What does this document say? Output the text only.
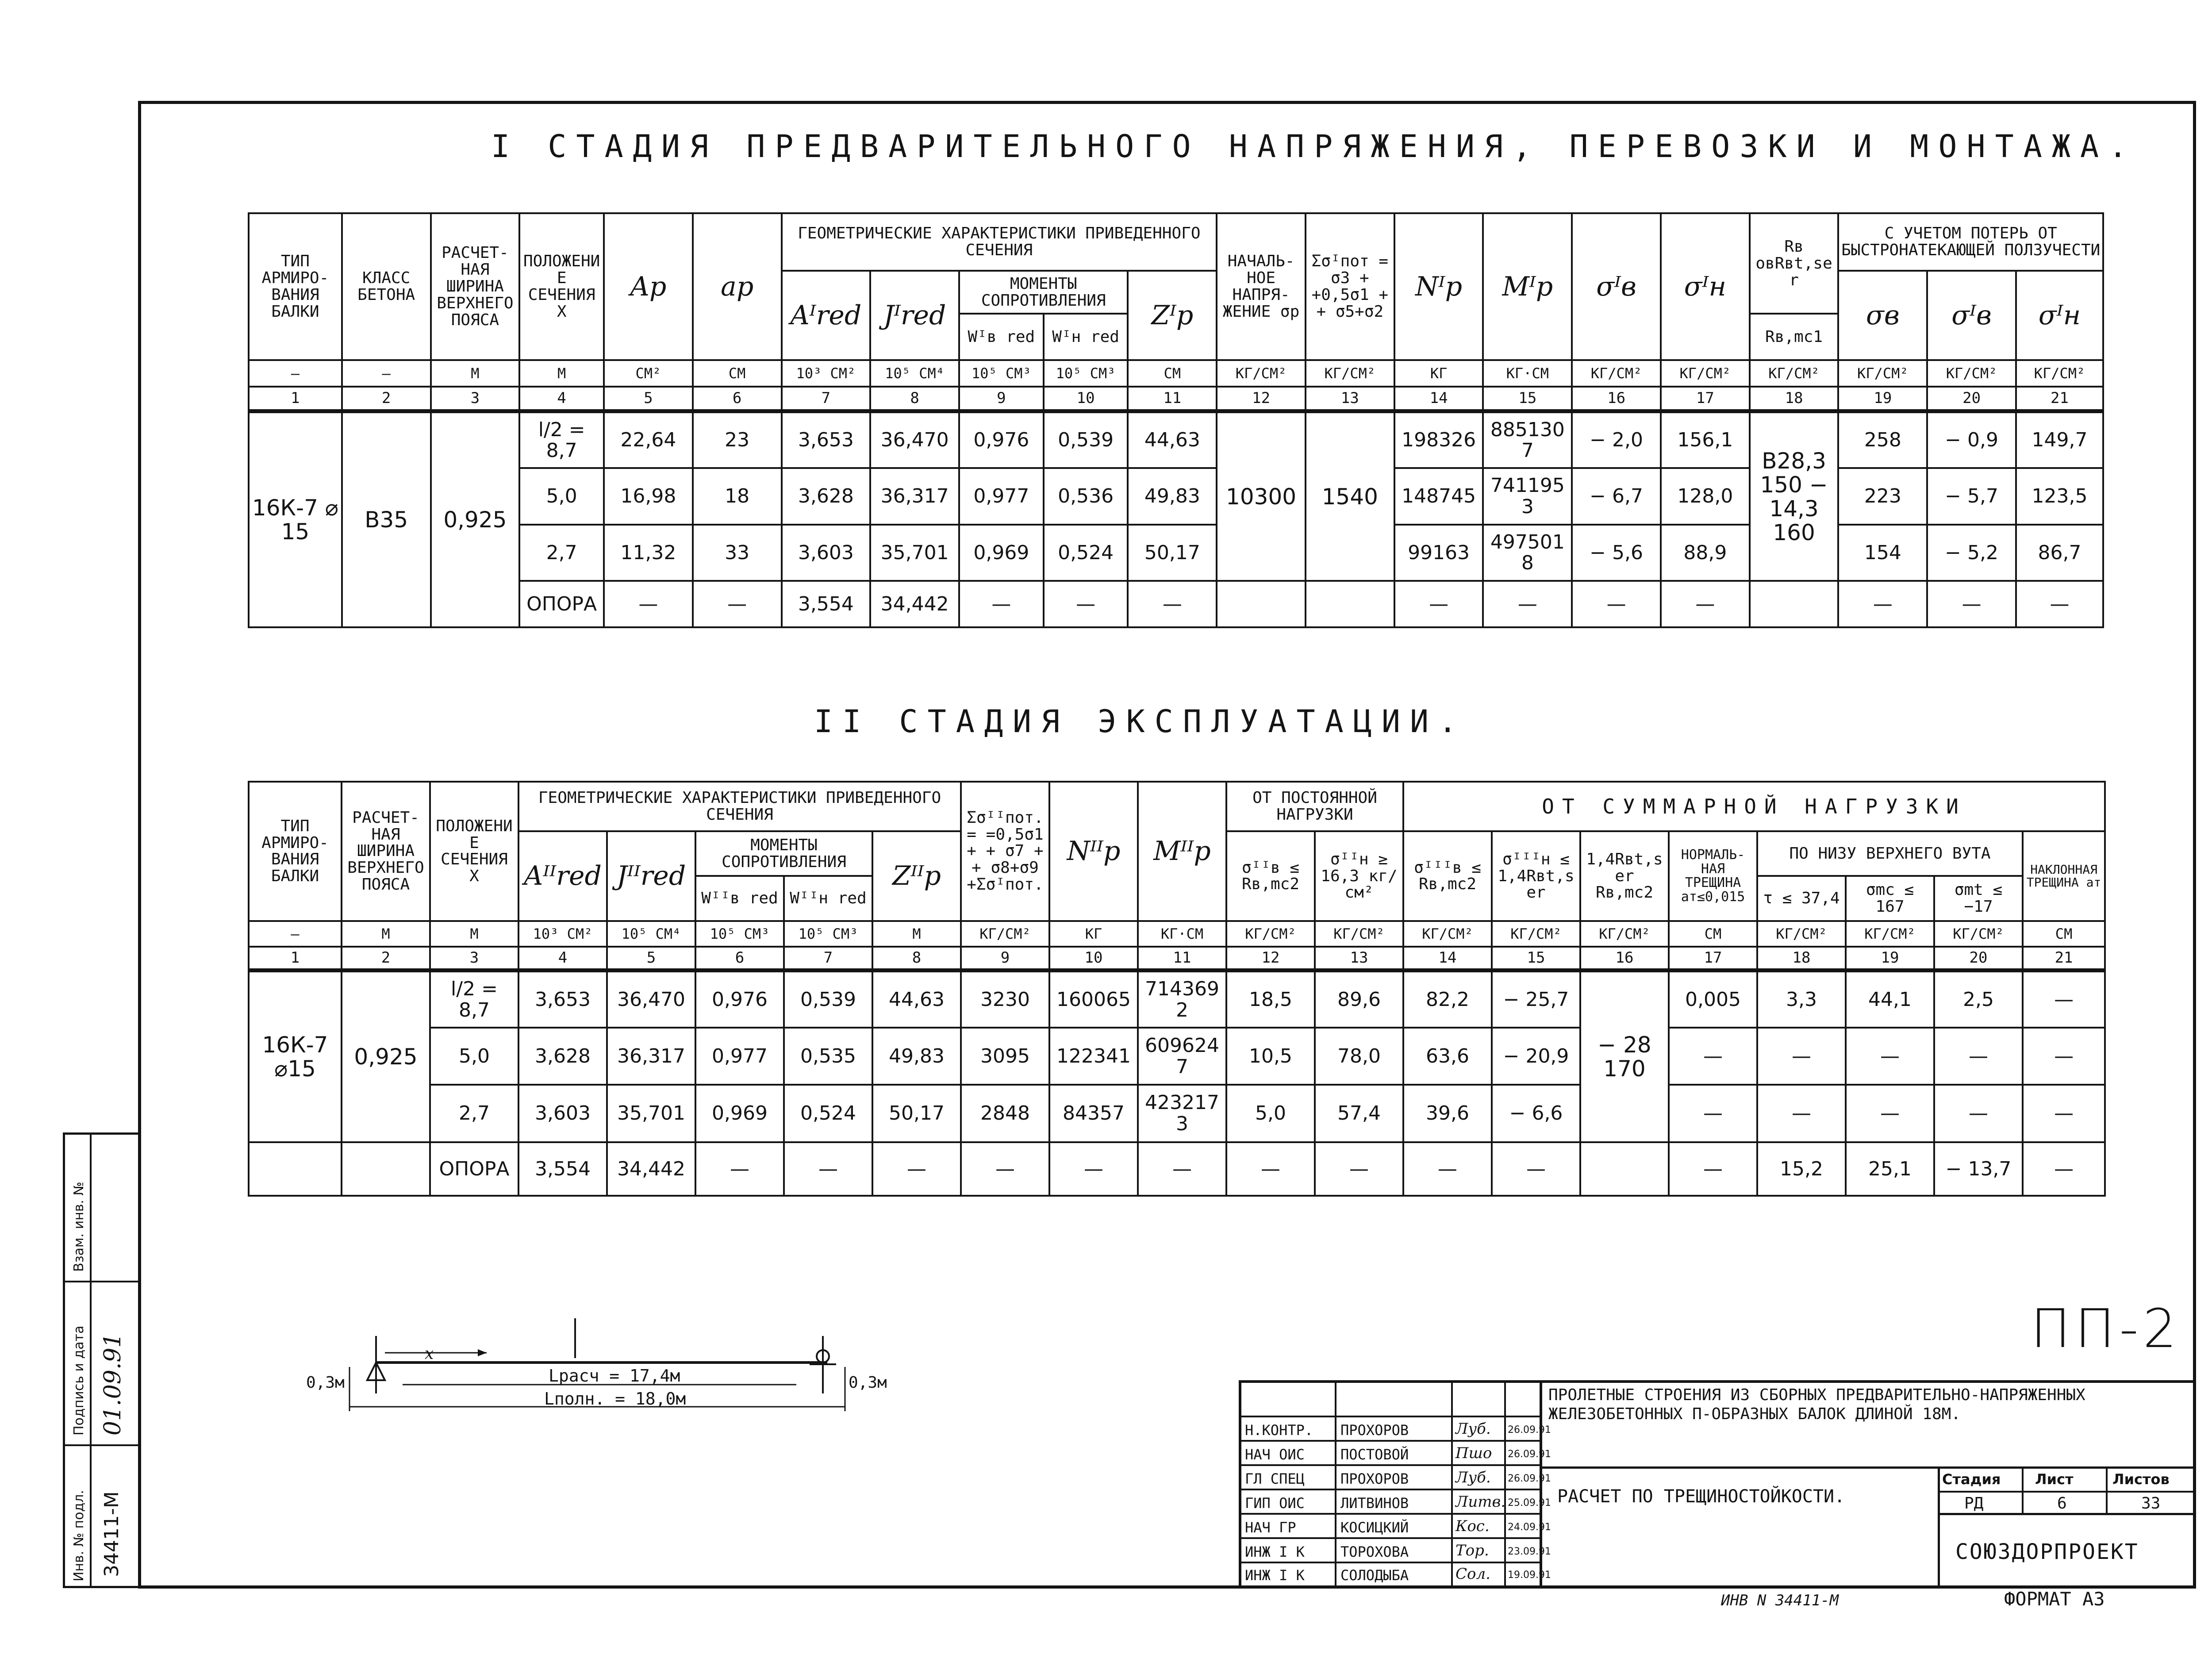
I СТАДИЯ ПРЕДВАРИТЕЛЬНОГО НАПРЯЖЕНИЯ, ПЕРЕВОЗКИ И МОНТАЖА.
ТИП АРМИРО-ВАНИЯ БАЛКИ	КЛАСС БЕТОНА	РАСЧЕТ-НАЯ ШИРИНА ВЕРХНЕГО ПОЯСА	ПОЛОЖЕНИЕ СЕЧЕНИЯ Х	Aр	aр	ГЕОМЕТРИЧЕСКИЕ ХАРАКТЕРИСТИКИ ПРИВЕДЕННОГО СЕЧЕНИЯ					НАЧАЛЬ-НОЕ НАПРЯ-ЖЕНИЕ σр	Σσᴵпот = σ3 + +0,5σ1 + + σ5+σ2	Nᴵр	Mᴵр	σᴵв	σᴵн	Rв oвRвt,ser	С УЧЕТОМ ПОТЕРЬ ОТ БЫСТРОНАТЕКАЮЩЕЙ ПОЛЗУЧЕСТИ		
						Aᴵred	Jᴵred	МОМЕНТЫ СОПРОТИВЛЕНИЯ		Zᴵр								σв	σᴵв	σᴵн
								Wᴵв red	Wᴵн red								Rв,mc1			
—	—	М	М	СМ²	СМ	10³ СМ²	10⁵ СМ⁴	10⁵ СМ³	10⁵ СМ³	СМ	КГ/СМ²	КГ/СМ²	КГ	КГ·СМ	КГ/СМ²	КГ/СМ²	КГ/СМ²	КГ/СМ²	КГ/СМ²	КГ/СМ²
1	2	3	4	5	6	7	8	9	10	11	12	13	14	15	16	17	18	19	20	21
16К-7 ⌀ 15	В35	0,925	l/2 = 8,7	22,64	23	3,653	36,470	0,976	0,539	44,63	10300	1540	198326	8851307	− 2,0	156,1	В28,3 150 − 14,3 160	258	− 0,9	149,7
			5,0	16,98	18	3,628	36,317	0,977	0,536	49,83			148745	7411953	− 6,7	128,0		223	− 5,7	123,5
			2,7	11,32	33	3,603	35,701	0,969	0,524	50,17			99163	4975018	− 5,6	88,9		154	− 5,2	86,7
			ОПОРА	—	—	3,554	34,442	—	—	—			—	—	—	—		—	—	—
II СТАДИЯ ЭКСПЛУАТАЦИИ.
ТИП АРМИРО-ВАНИЯ БАЛКИ	РАСЧЕТ-НАЯ ШИРИНА ВЕРХНЕГО ПОЯСА	ПОЛОЖЕНИЕ СЕЧЕНИЯ Х	ГЕОМЕТРИЧЕСКИЕ ХАРАКТЕРИСТИКИ ПРИВЕДЕННОГО СЕЧЕНИЯ					Σσᴵᴵпот. = =0,5σ1 + + σ7 + + σ8+σ9 +Σσᴵпот.	Nᴵᴵр	Mᴵᴵр	ОТ ПОСТОЯННОЙ НАГРУЗКИ		ОТ СУММАРНОЙ НАГРУЗКИ							
			Aᴵᴵred	Jᴵᴵred	МОМЕНТЫ СОПРОТИВЛЕНИЯ		Zᴵᴵр				σᴵᴵв ≤ Rв,mc2	σᴵᴵн ≥ 16,3 кг/см²	σᴵᴵᴵв ≤ Rв,mc2	σᴵᴵᴵн ≤ 1,4Rвt,ser	1,4Rвt,ser Rв,mc2	НОРМАЛЬ-НАЯ ТРЕЩИНА aт≤0,015	ПО НИЗУ ВЕРХНЕГО ВУТА			НАКЛОННАЯ ТРЕЩИНА aт
					Wᴵᴵв red	Wᴵᴵн red											τ ≤ 37,4	σmc ≤ 167	σmt ≤ −17	
—	М	М	10³ СМ²	10⁵ СМ⁴	10⁵ СМ³	10⁵ СМ³	М	КГ/СМ²	КГ	КГ·СМ	КГ/СМ²	КГ/СМ²	КГ/СМ²	КГ/СМ²	КГ/СМ²	СМ	КГ/СМ²	КГ/СМ²	КГ/СМ²	СМ
1	2	3	4	5	6	7	8	9	10	11	12	13	14	15	16	17	18	19	20	21
16К-7 ⌀15	0,925	l/2 = 8,7	3,653	36,470	0,976	0,539	44,63	3230	160065	7143692	18,5	89,6	82,2	− 25,7	− 28 170	0,005	3,3	44,1	2,5	—
		5,0	3,628	36,317	0,977	0,535	49,83	3095	122341	6096247	10,5	78,0	63,6	− 20,9		—	—	—	—	—
		2,7	3,603	35,701	0,969	0,524	50,17	2848	84357	4232173	5,0	57,4	39,6	− 6,6		—	—	—	—	—
		ОПОРА	3,554	34,442	—	—	—	—	—	—	—	—	—	—		—	15,2	25,1	− 13,7	—
0,3м	0,3м
x
Lрасч = 17,4м
Lполн. = 18,0м
ПП-2
ПРОЛЕТНЫЕ СТРОЕНИЯ ИЗ СБОРНЫХ ПРЕДВАРИТЕЛЬНО-НАПРЯЖЕННЫХ ЖЕЛЕЗОБЕТОННЫХ П-ОБРАЗНЫХ БАЛОК ДЛИНОЙ 18М.
РАСЧЕТ ПО ТРЕЩИНОСТОЙКОСТИ.
Стадия Лист	Листов
РД	6	33
СОЮЗДОРПРОЕКТ
Н.КОНТР. ПРОХОРОВ	Луб. 26.09.91
НАЧ ОИС	ПОСТОВОЙ	Пшо 26.09.91
ГЛ СПЕЦ	ПРОХОРОВ	Луб. 26.09.91
ГИП ОИС	ЛИТВИНОВ	Литв. 25.09.91
НАЧ ГР	КОСИЦКИЙ	Кос. 24.09.91
ИНЖ I К	ТОРОХОВА	Тор. 23.09.91
ИНЖ I К	СОЛОДЫБА	Сол. 19.09.91
ИНВ N 34411-М	ФОРМАТ А3
Взам. инв. №
Подпись и дата
Инв. № подл.
01.09.91
34411-М
